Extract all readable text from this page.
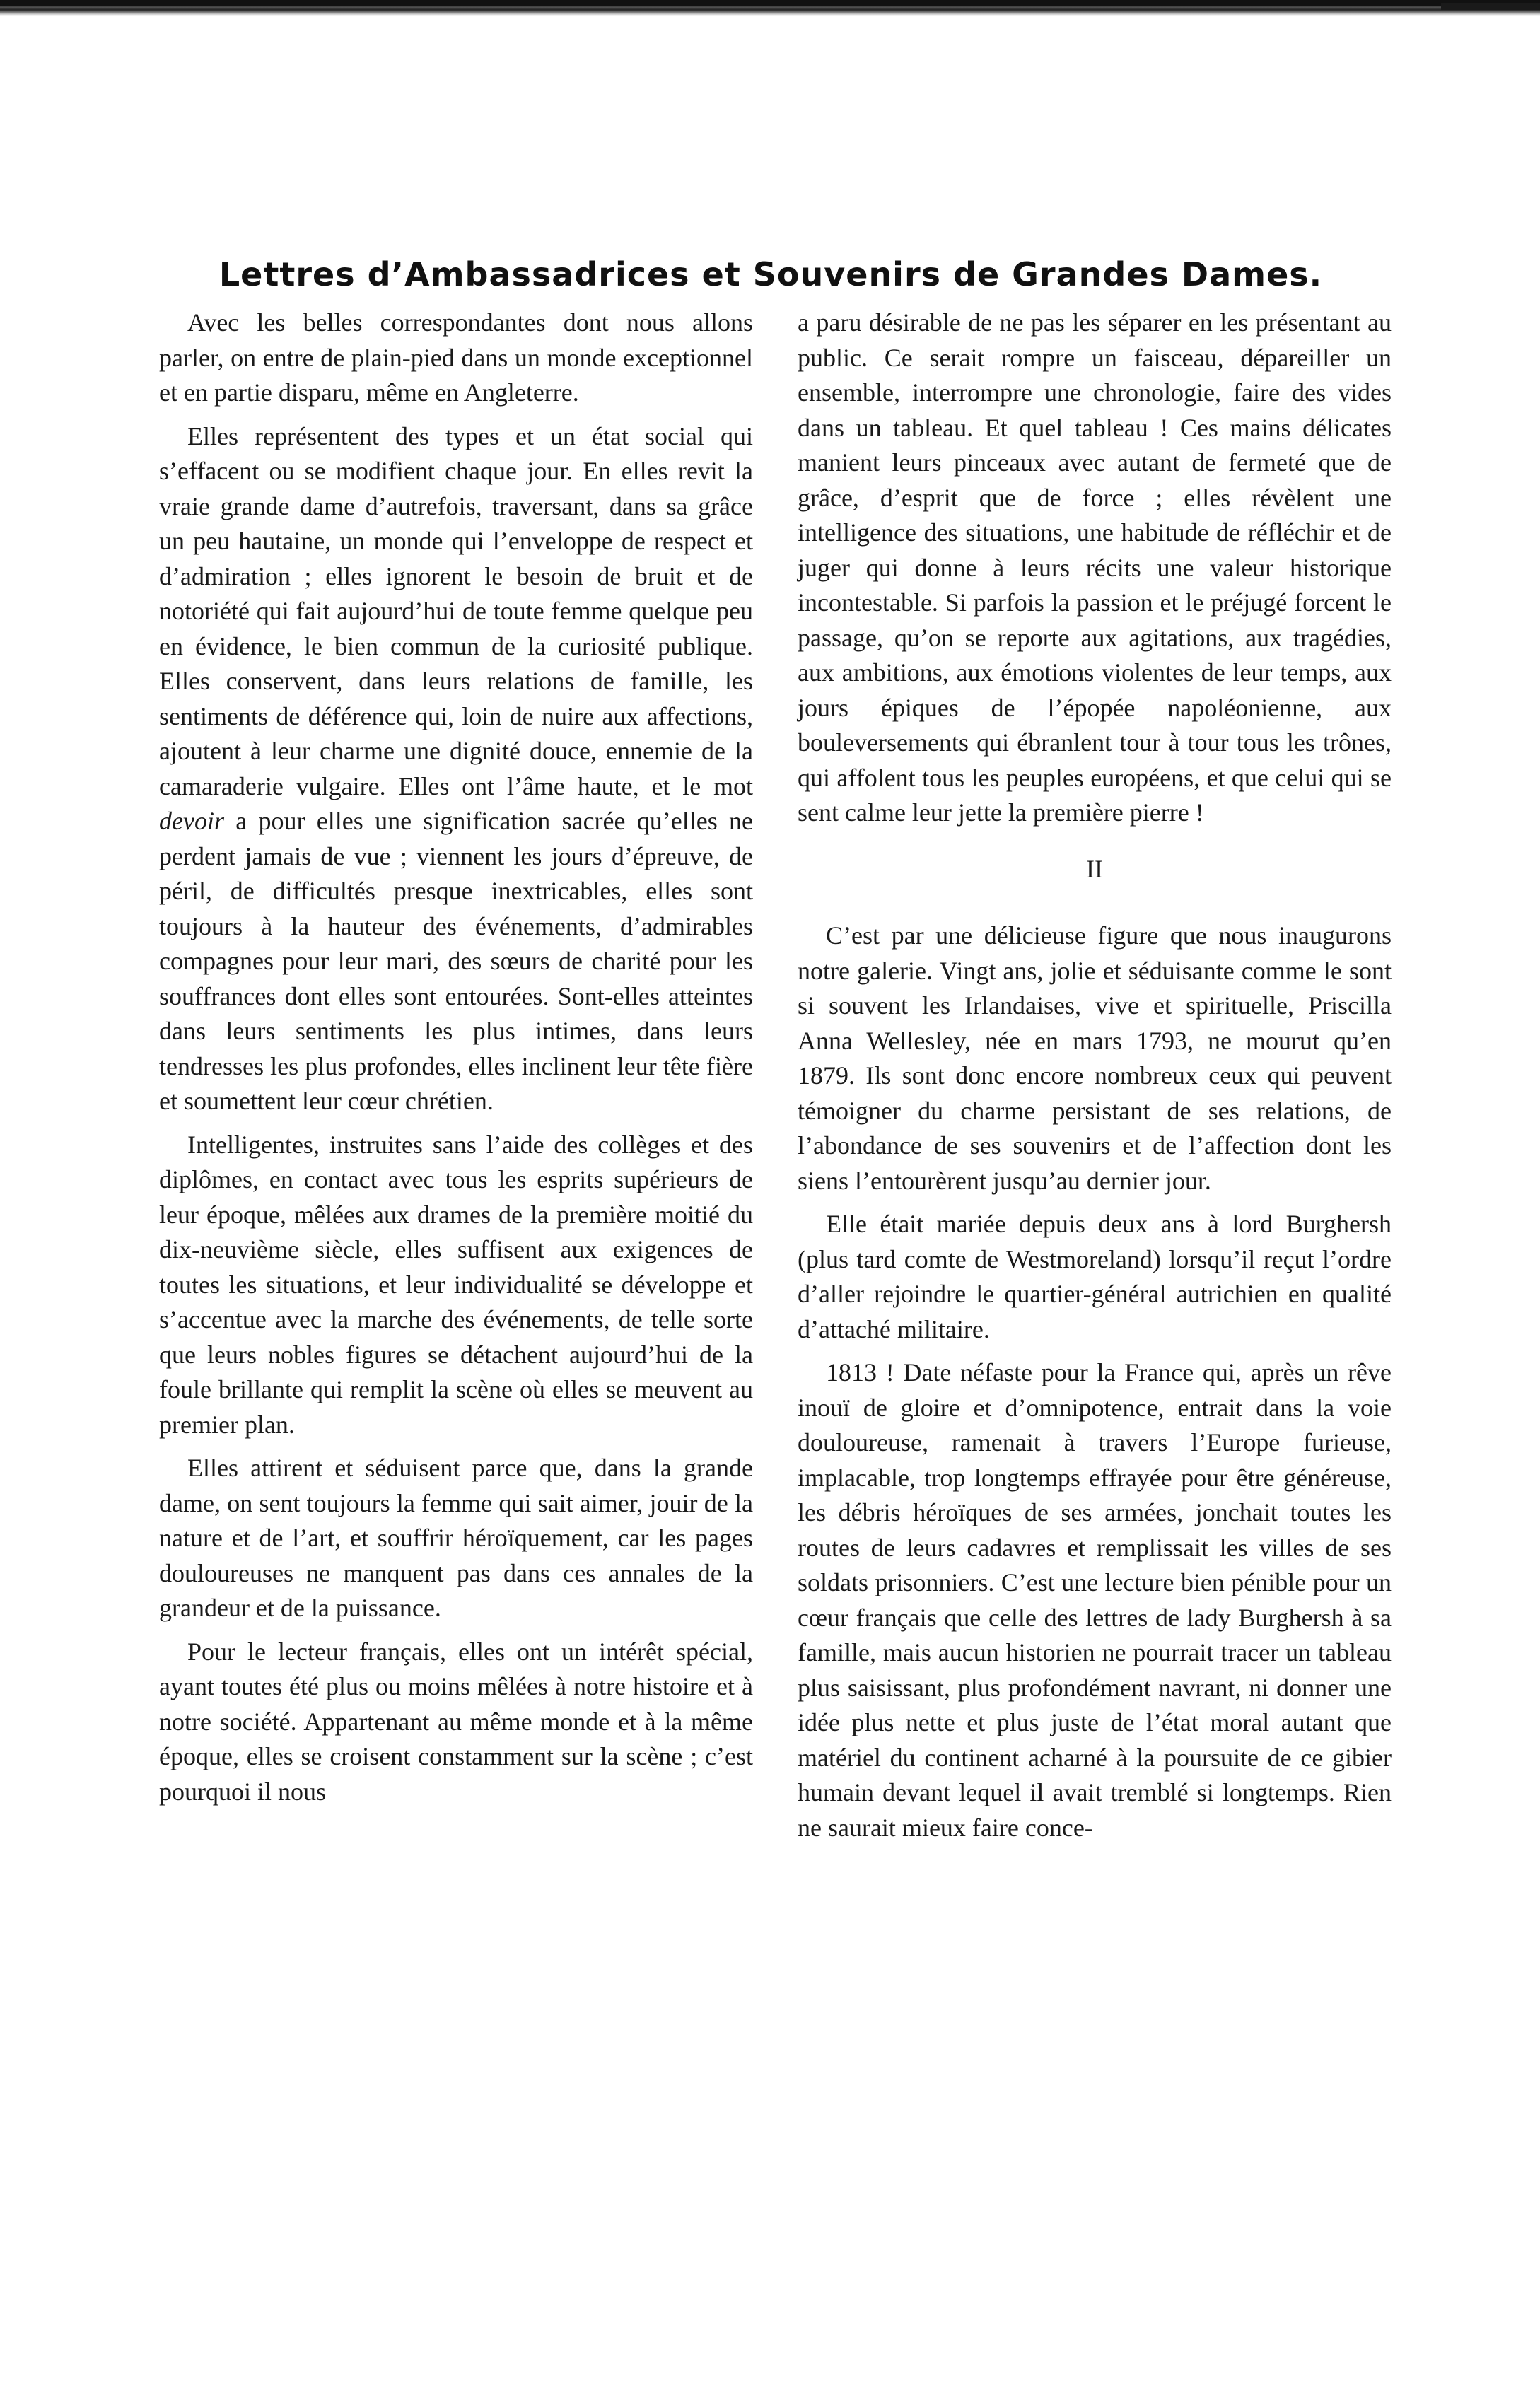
Lettres d’Ambassadrices et Souvenirs de Grandes Dames.

Avec les belles correspondantes dont nous allons parler, on entre de plain-pied dans un monde exceptionnel et en partie disparu, même en Angleterre.

Elles représentent des types et un état social qui s’effacent ou se modifient chaque jour. En elles revit la vraie grande dame d’autrefois, traversant, dans sa grâce un peu hautaine, un monde qui l’enveloppe de respect et d’admiration ; elles ignorent le besoin de bruit et de notoriété qui fait aujourd’hui de toute femme quelque peu en évidence, le bien commun de la curiosité publique. Elles conservent, dans leurs relations de famille, les sentiments de déférence qui, loin de nuire aux affections, ajoutent à leur charme une dignité douce, ennemie de la camaraderie vulgaire. Elles ont l’âme haute, et le mot devoir a pour elles une signification sacrée qu’elles ne perdent jamais de vue ; viennent les jours d’épreuve, de péril, de difficultés presque inextricables, elles sont toujours à la hauteur des événements, d’admirables compagnes pour leur mari, des sœurs de charité pour les souffrances dont elles sont entourées. Sont-elles atteintes dans leurs sentiments les plus intimes, dans leurs tendresses les plus profondes, elles inclinent leur tête fière et soumettent leur cœur chrétien.

Intelligentes, instruites sans l’aide des collèges et des diplômes, en contact avec tous les esprits supérieurs de leur époque, mêlées aux drames de la première moitié du dix-neuvième siècle, elles suffisent aux exigences de toutes les situations, et leur individualité se développe et s’accentue avec la marche des événements, de telle sorte que leurs nobles figures se détachent aujourd’hui de la foule brillante qui remplit la scène où elles se meuvent au premier plan.

Elles attirent et séduisent parce que, dans la grande dame, on sent toujours la femme qui sait aimer, jouir de la nature et de l’art, et souffrir héroïquement, car les pages douloureuses ne manquent pas dans ces annales de la grandeur et de la puissance.

Pour le lecteur français, elles ont un intérêt spécial, ayant toutes été plus ou moins mêlées à notre histoire et à notre société. Appartenant au même monde et à la même époque, elles se croisent constamment sur la scène ; c’est pourquoi il nous

a paru désirable de ne pas les séparer en les présentant au public. Ce serait rompre un faisceau, dépareiller un ensemble, interrompre une chronologie, faire des vides dans un tableau. Et quel tableau ! Ces mains délicates manient leurs pinceaux avec autant de fermeté que de grâce, d’esprit que de force ; elles révèlent une intelligence des situations, une habitude de réfléchir et de juger qui donne à leurs récits une valeur historique incontestable. Si parfois la passion et le préjugé forcent le passage, qu’on se reporte aux agitations, aux tragédies, aux ambitions, aux émotions violentes de leur temps, aux jours épiques de l’épopée napoléonienne, aux bouleversements qui ébranlent tour à tour tous les trônes, qui affolent tous les peuples européens, et que celui qui se sent calme leur jette la première pierre !

II

C’est par une délicieuse figure que nous inaugurons notre galerie. Vingt ans, jolie et séduisante comme le sont si souvent les Irlandaises, vive et spirituelle, Priscilla Anna Wellesley, née en mars 1793, ne mourut qu’en 1879. Ils sont donc encore nombreux ceux qui peuvent témoigner du charme persistant de ses relations, de l’abondance de ses souvenirs et de l’affection dont les siens l’entourèrent jusqu’au dernier jour.

Elle était mariée depuis deux ans à lord Burghersh (plus tard comte de Westmoreland) lorsqu’il reçut l’ordre d’aller rejoindre le quartier-général autrichien en qualité d’attaché militaire.

1813 ! Date néfaste pour la France qui, après un rêve inouï de gloire et d’omnipotence, entrait dans la voie douloureuse, ramenait à travers l’Europe furieuse, implacable, trop longtemps effrayée pour être généreuse, les débris héroïques de ses armées, jonchait toutes les routes de leurs cadavres et remplissait les villes de ses soldats prisonniers. C’est une lecture bien pénible pour un cœur français que celle des lettres de lady Burghersh à sa famille, mais aucun historien ne pourrait tracer un tableau plus saisissant, plus profondément navrant, ni donner une idée plus nette et plus juste de l’état moral autant que matériel du continent acharné à la poursuite de ce gibier humain devant lequel il avait tremblé si longtemps. Rien ne saurait mieux faire conce-
